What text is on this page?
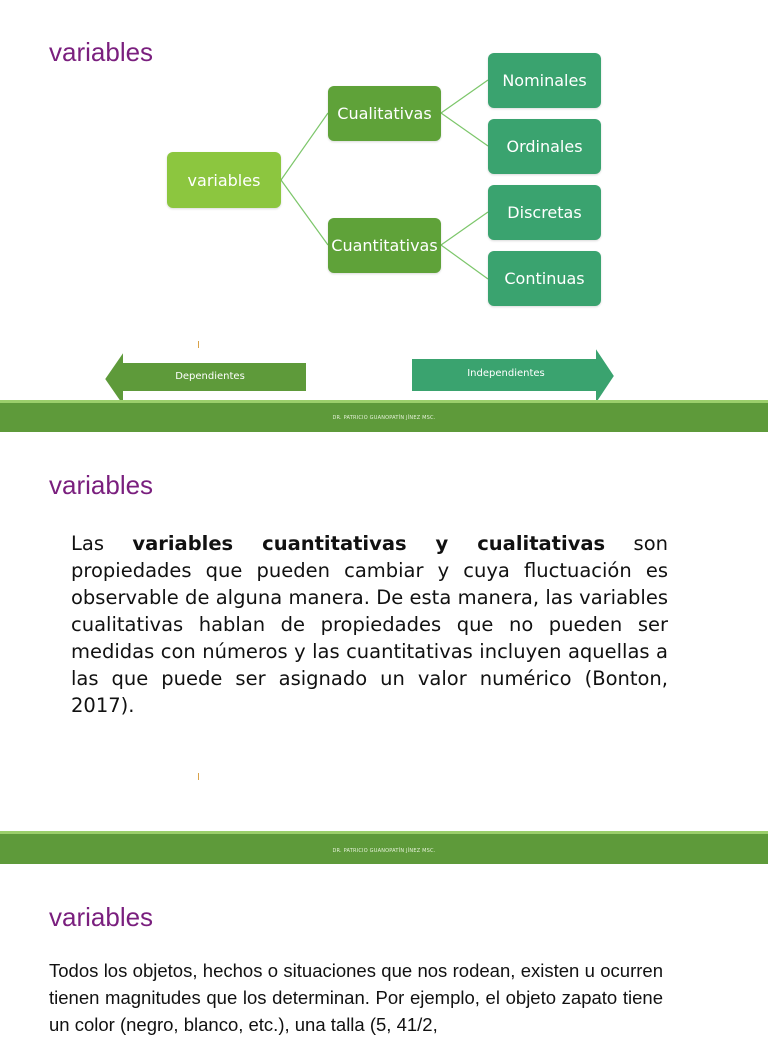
variables
variables
Cualitativas
Cuantitativas
Nominales
Ordinales
Discretas
Continuas
Dependientes	Independientes
DR. PATRICIO GUANOPATÍN JÍNEZ MSC.
variables

Las variables cuantitativas y cualitativas son propiedades que pueden cambiar y cuya fluctuación es observable de alguna manera. De esta manera, las variables cualitativas hablan de propiedades que no pueden ser medidas con números y las cuantitativas incluyen aquellas a las que puede ser asignado un valor numérico (Bonton, 2017).

DR. PATRICIO GUANOPATÍN JÍNEZ MSC.
variables

Todos los objetos, hechos o situaciones que nos rodean, existen u ocurren tienen magnitudes que los determinan. Por ejemplo, el objeto zapato tiene un color (negro, blanco, etc.), una talla (5, 41/2,
